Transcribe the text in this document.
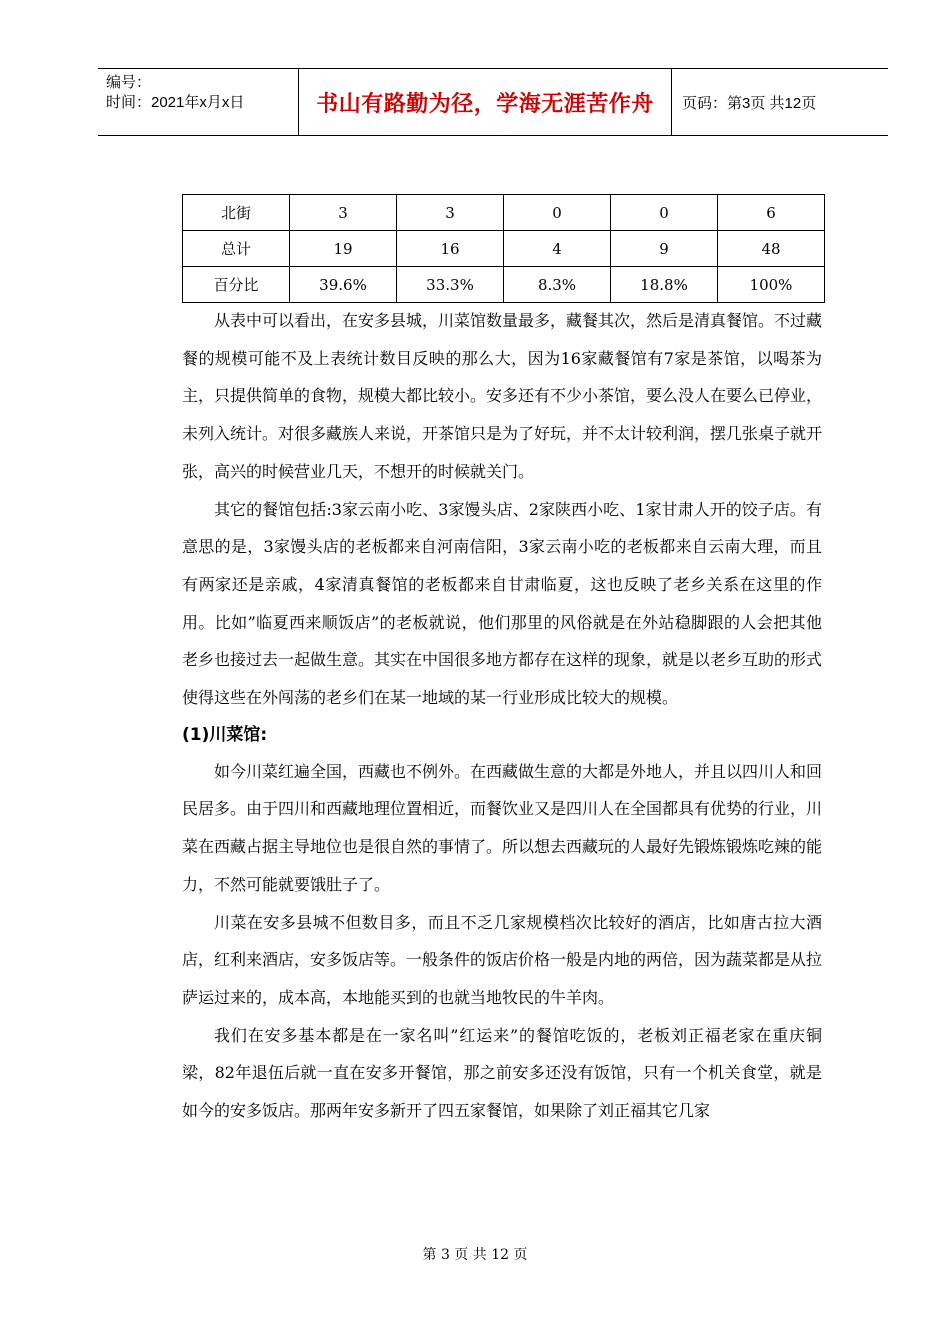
编号：
时间：2021年x月x日	书山有路勤为径，学海无涯苦作舟	页码：第3页 共12页
北街	3	3	0	0	6
总计	19	16	4	9	48
百分比	39.6%	33.3%	8.3%	18.8%	100%

从表中可以看出，在安多县城，川菜馆数量最多，藏餐其次，然后是清真餐馆。不过藏餐的规模可能不及上表统计数目反映的那么大，因为16家藏餐馆有7家是茶馆，以喝茶为主，只提供简单的食物，规模大都比较小。安多还有不少小茶馆，要么没人在要么已停业，未列入统计。对很多藏族人来说，开茶馆只是为了好玩，并不太计较利润，摆几张桌子就开张，高兴的时候营业几天，不想开的时候就关门。

其它的餐馆包括:3家云南小吃、3家馒头店、2家陕西小吃、1家甘肃人开的饺子店。有意思的是，3家馒头店的老板都来自河南信阳，3家云南小吃的老板都来自云南大理，而且有两家还是亲戚，4家清真餐馆的老板都来自甘肃临夏，这也反映了老乡关系在这里的作用。比如”临夏西来顺饭店”的老板就说，他们那里的风俗就是在外站稳脚跟的人会把其他老乡也接过去一起做生意。其实在中国很多地方都存在这样的现象，就是以老乡互助的形式使得这些在外闯荡的老乡们在某一地域的某一行业形成比较大的规模。

(1)川菜馆:

如今川菜红遍全国，西藏也不例外。在西藏做生意的大都是外地人，并且以四川人和回民居多。由于四川和西藏地理位置相近，而餐饮业又是四川人在全国都具有优势的行业，川菜在西藏占据主导地位也是很自然的事情了。所以想去西藏玩的人最好先锻炼锻炼吃辣的能力，不然可能就要饿肚子了。

川菜在安多县城不但数目多，而且不乏几家规模档次比较好的酒店，比如唐古拉大酒店，红利来酒店，安多饭店等。一般条件的饭店价格一般是内地的两倍，因为蔬菜都是从拉萨运过来的，成本高，本地能买到的也就当地牧民的牛羊肉。

我们在安多基本都是在一家名叫”红运来”的餐馆吃饭的，老板刘正福老家在重庆铜梁，82年退伍后就一直在安多开餐馆，那之前安多还没有饭馆，只有一个机关食堂，就是如今的安多饭店。那两年安多新开了四五家餐馆，如果除了刘正福其它几家

第 3 页 共 12 页
